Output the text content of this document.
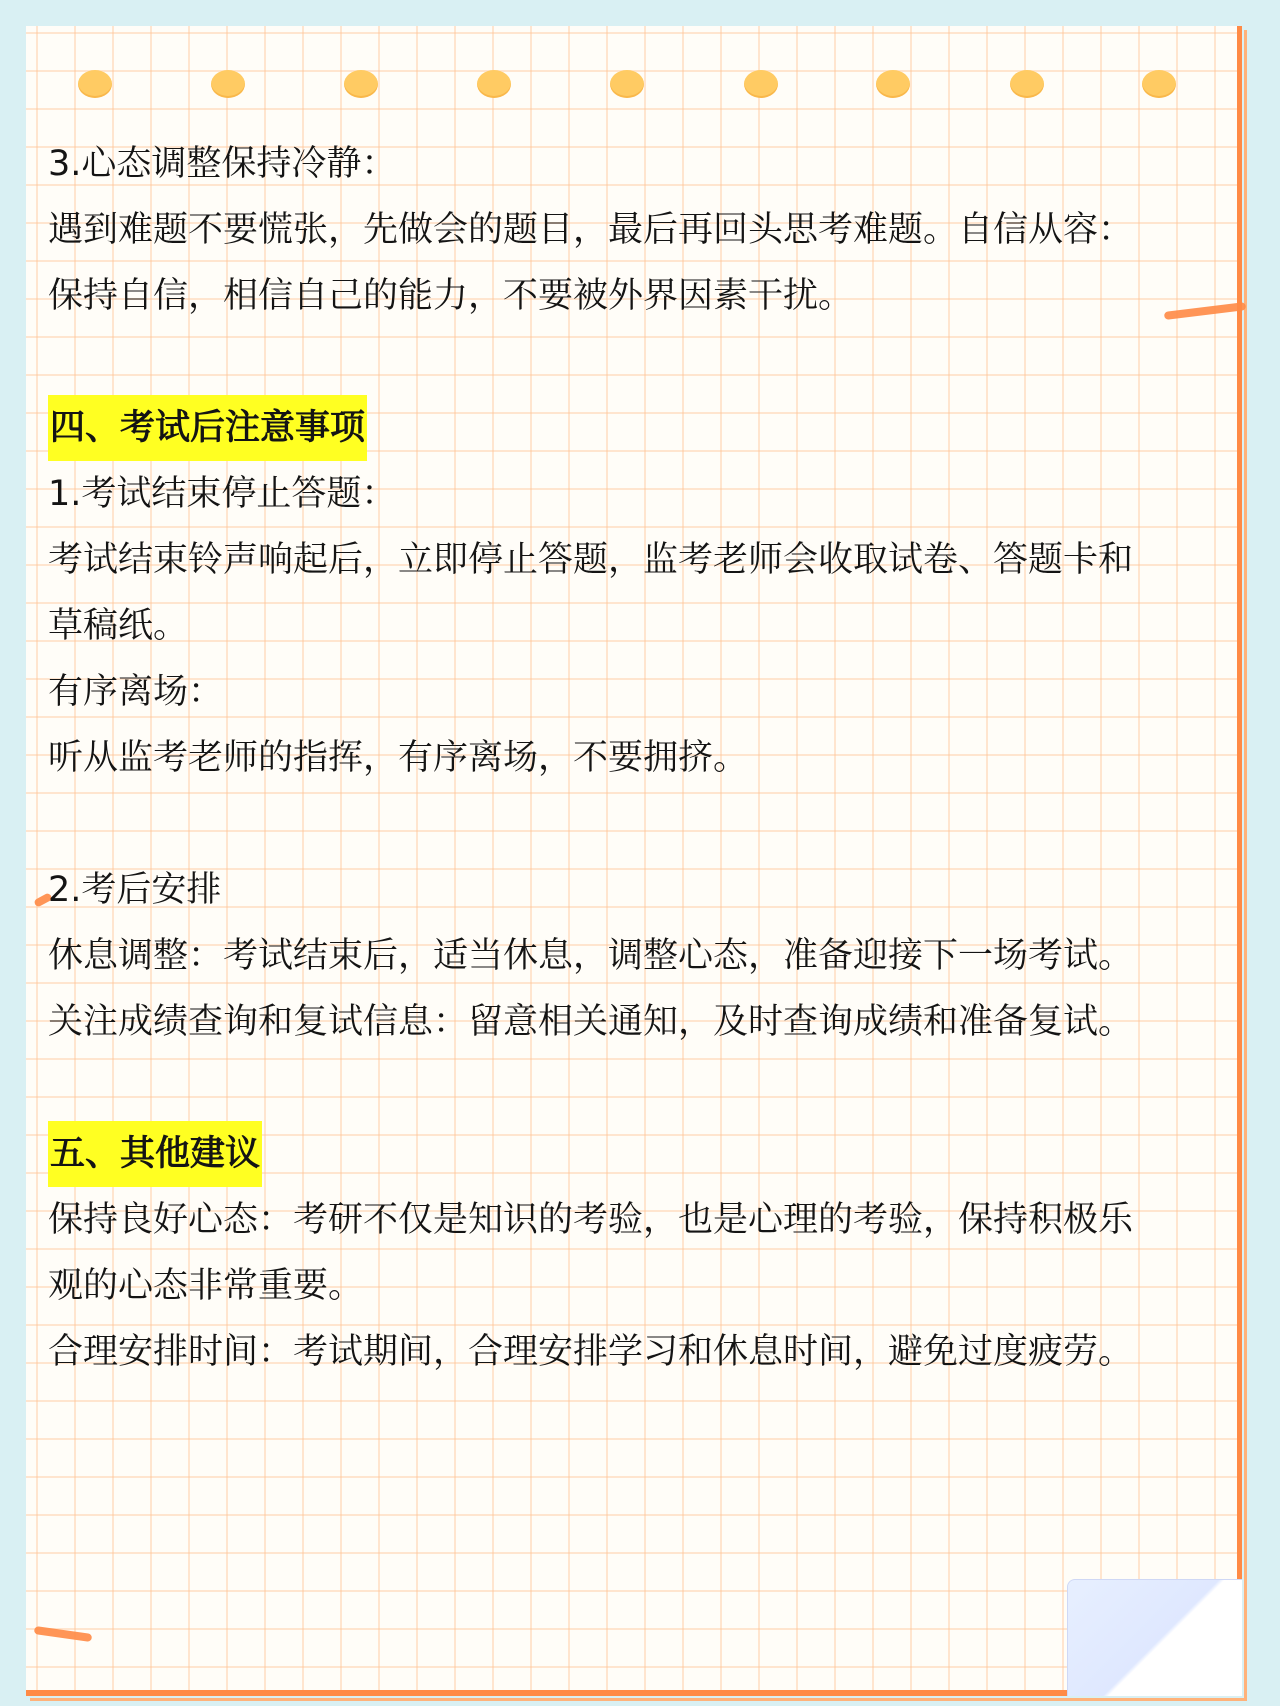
3.心态调整保持冷静：
遇到难题不要慌张，先做会的题目，最后再回头思考难题。自信从容：
保持自信，相信自己的能力，不要被外界因素干扰。
四、考试后注意事项
1.考试结束停止答题：
考试结束铃声响起后，立即停止答题，监考老师会收取试卷、答题卡和
草稿纸。
有序离场：
听从监考老师的指挥，有序离场，不要拥挤。
2.考后安排
休息调整：考试结束后，适当休息，调整心态，准备迎接下一场考试。
关注成绩查询和复试信息：留意相关通知，及时查询成绩和准备复试。
五、其他建议
保持良好心态：考研不仅是知识的考验，也是心理的考验，保持积极乐
观的心态非常重要。
合理安排时间：考试期间，合理安排学习和休息时间，避免过度疲劳。
